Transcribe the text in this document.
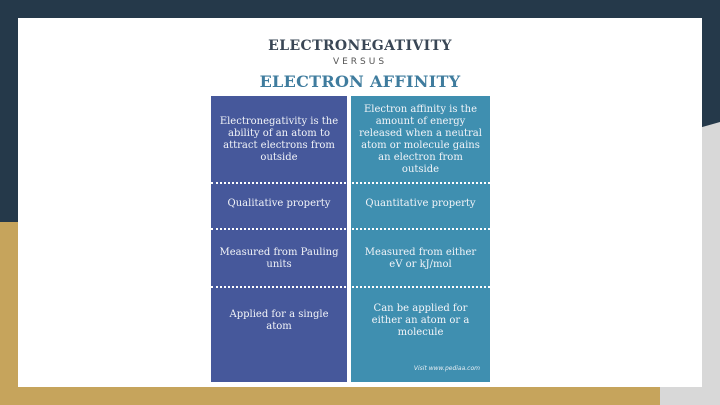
ELECTRONEGATIVITY
VERSUS
ELECTRON AFFINITY
Electronegativity is the ability of an atom to attract electrons from outside
Electron affinity is the amount of energy released when a neutral atom or molecule gains an electron from outside
Qualitative property	Quantitative property
Measured from Pauling units
Measured from either eV or kJ/mol
Applied for a single atom
Can be applied for either an atom or a molecule
Visit www.pediaa.com
